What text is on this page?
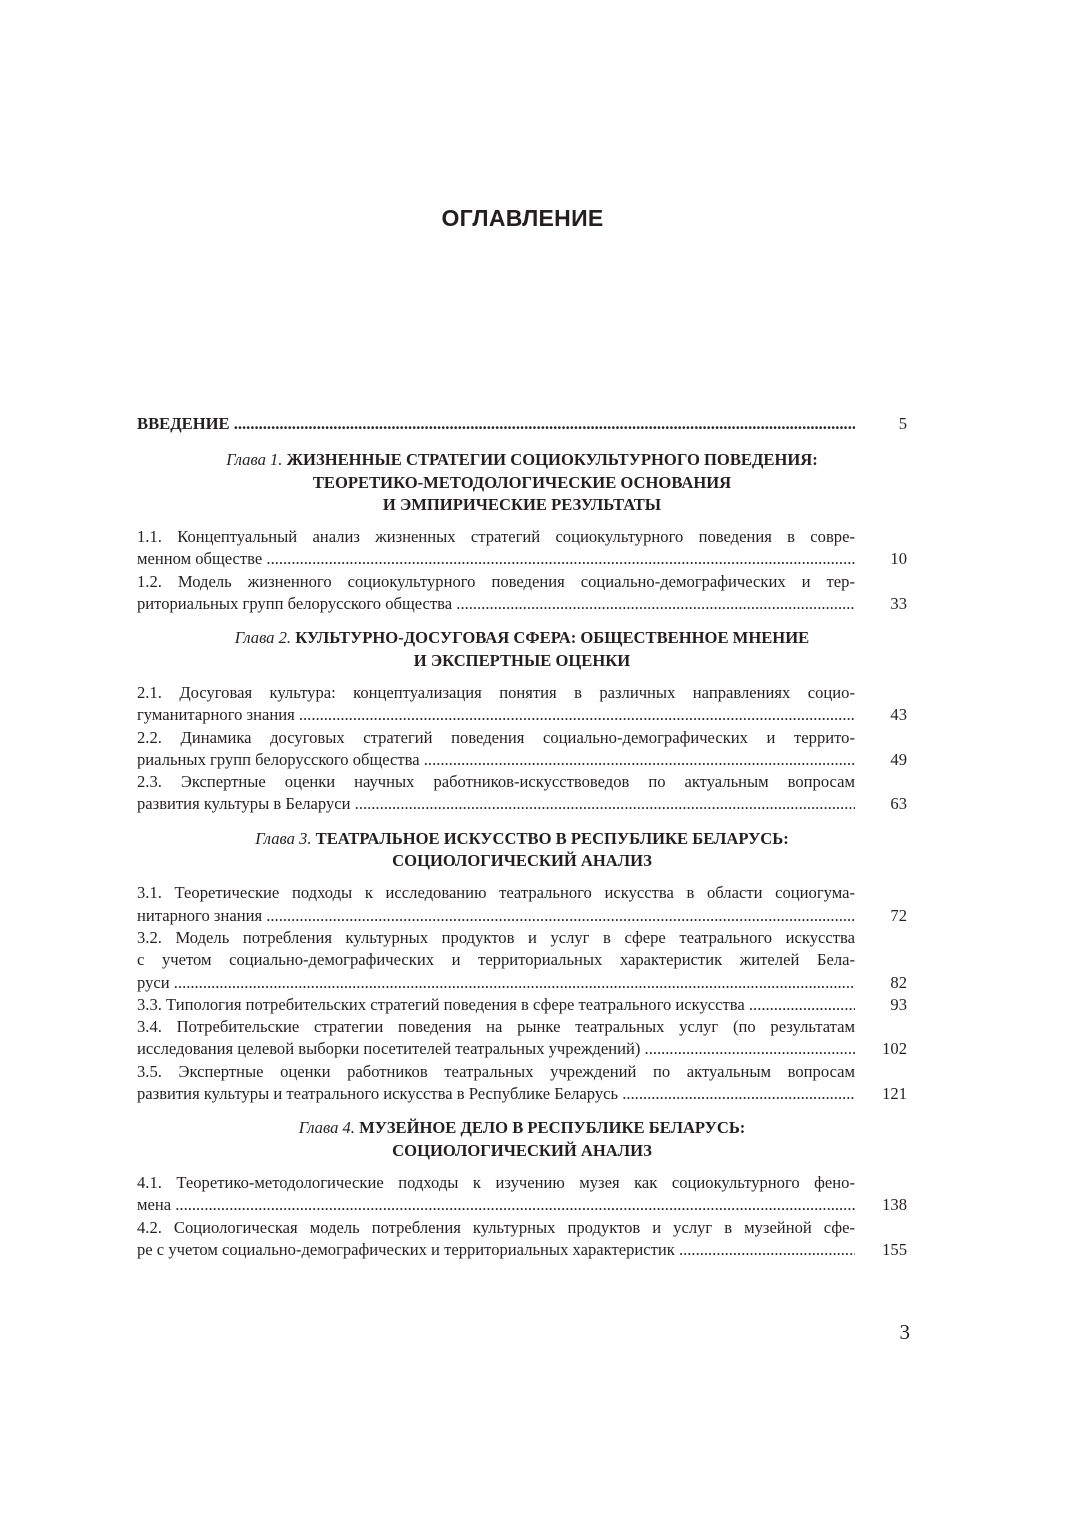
ОГЛАВЛЕНИЕ
ВВЕДЕНИЕ .....	5
Глава 1. ЖИЗНЕННЫЕ СТРАТЕГИИ СОЦИОКУЛЬТУРНОГО ПОВЕДЕНИЯ:
ТЕОРЕТИКО-МЕТОДОЛОГИЧЕСКИЕ ОСНОВАНИЯ
И ЭМПИРИЧЕСКИЕ РЕЗУЛЬТАТЫ
1.1. Концептуальный анализ жизненных стратегий социокультурного поведения в совре-
менном обществе .....	10
1.2. Модель жизненного социокультурного поведения социально-демографических и тер-
риториальных групп белорусского общества .....	33
Глава 2. КУЛЬТУРНО-ДОСУГОВАЯ СФЕРА: ОБЩЕСТВЕННОЕ МНЕНИЕ
И ЭКСПЕРТНЫЕ ОЦЕНКИ
2.1. Досуговая культура: концептуализация понятия в различных направлениях социо-
гуманитарного знания .....	43
2.2. Динамика досуговых стратегий поведения социально-демографических и террито-
риальных групп белорусского общества .....	49
2.3. Экспертные оценки научных работников-искусствоведов по актуальным вопросам
развития культуры в Беларуси .....	63
Глава 3. ТЕАТРАЛЬНОЕ ИСКУССТВО В РЕСПУБЛИКЕ БЕЛАРУСЬ:
СОЦИОЛОГИЧЕСКИЙ АНАЛИЗ
3.1. Теоретические подходы к исследованию театрального искусства в области социогума-
нитарного знания .....	72
3.2. Модель потребления культурных продуктов и услуг в сфере театрального искусства
с учетом социально-демографических и территориальных характеристик жителей Бела-
руси .....	82
3.3. Типология потребительских стратегий поведения в сфере театрального искусства .....	93
3.4. Потребительские стратегии поведения на рынке театральных услуг (по результатам
исследования целевой выборки посетителей театральных учреждений) .....	102
3.5. Экспертные оценки работников театральных учреждений по актуальным вопросам
развития культуры и театрального искусства в Республике Беларусь .....	121
Глава 4. МУЗЕЙНОЕ ДЕЛО В РЕСПУБЛИКЕ БЕЛАРУСЬ:
СОЦИОЛОГИЧЕСКИЙ АНАЛИЗ
4.1. Теоретико-методологические подходы к изучению музея как социокультурного фено-
мена .....	138
4.2. Социологическая модель потребления культурных продуктов и услуг в музейной сфе-
ре с учетом социально-демографических и территориальных характеристик .....	155
3
